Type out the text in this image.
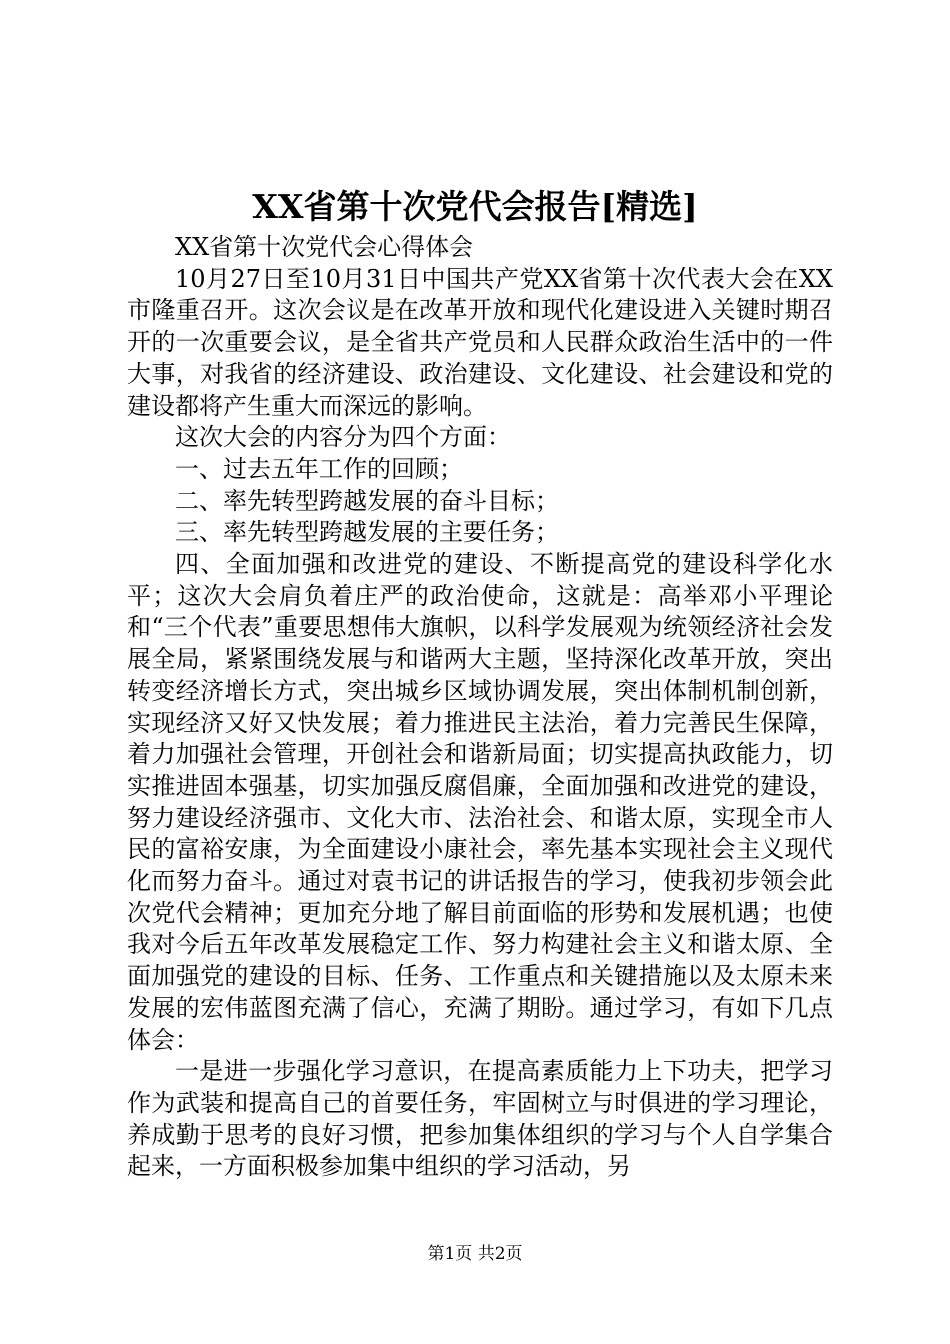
XX省第十次党代会报告[精选]

XX省第十次党代会心得体会

10月27日至10月31日中国共产党XX省第十次代表大会在XX市隆重召开。这次会议是在改革开放和现代化建设进入关键时期召开的一次重要会议，是全省共产党员和人民群众政治生活中的一件大事，对我省的经济建设、政治建设、文化建设、社会建设和党的建设都将产生重大而深远的影响。

这次大会的内容分为四个方面：

一、过去五年工作的回顾；

二、率先转型跨越发展的奋斗目标；

三、率先转型跨越发展的主要任务；

四、全面加强和改进党的建设、不断提高党的建设科学化水平；这次大会肩负着庄严的政治使命，这就是：高举邓小平理论和“三个代表”重要思想伟大旗帜，以科学发展观为统领经济社会发展全局，紧紧围绕发展与和谐两大主题，坚持深化改革开放，突出转变经济增长方式，突出城乡区域协调发展，突出体制机制创新，实现经济又好又快发展；着力推进民主法治，着力完善民生保障，着力加强社会管理，开创社会和谐新局面；切实提高执政能力，切实推进固本强基，切实加强反腐倡廉，全面加强和改进党的建设，努力建设经济强市、文化大市、法治社会、和谐太原，实现全市人民的富裕安康，为全面建设小康社会，率先基本实现社会主义现代化而努力奋斗。通过对袁书记的讲话报告的学习，使我初步领会此次党代会精神；更加充分地了解目前面临的形势和发展机遇；也使我对今后五年改革发展稳定工作、努力构建社会主义和谐太原、全面加强党的建设的目标、任务、工作重点和关键措施以及太原未来发展的宏伟蓝图充满了信心，充满了期盼。通过学习，有如下几点体会：

一是进一步强化学习意识，在提高素质能力上下功夫，把学习作为武装和提高自己的首要任务，牢固树立与时俱进的学习理论，养成勤于思考的良好习惯，把参加集体组织的学习与个人自学集合起来，一方面积极参加集中组织的学习活动，另

第1页 共2页
